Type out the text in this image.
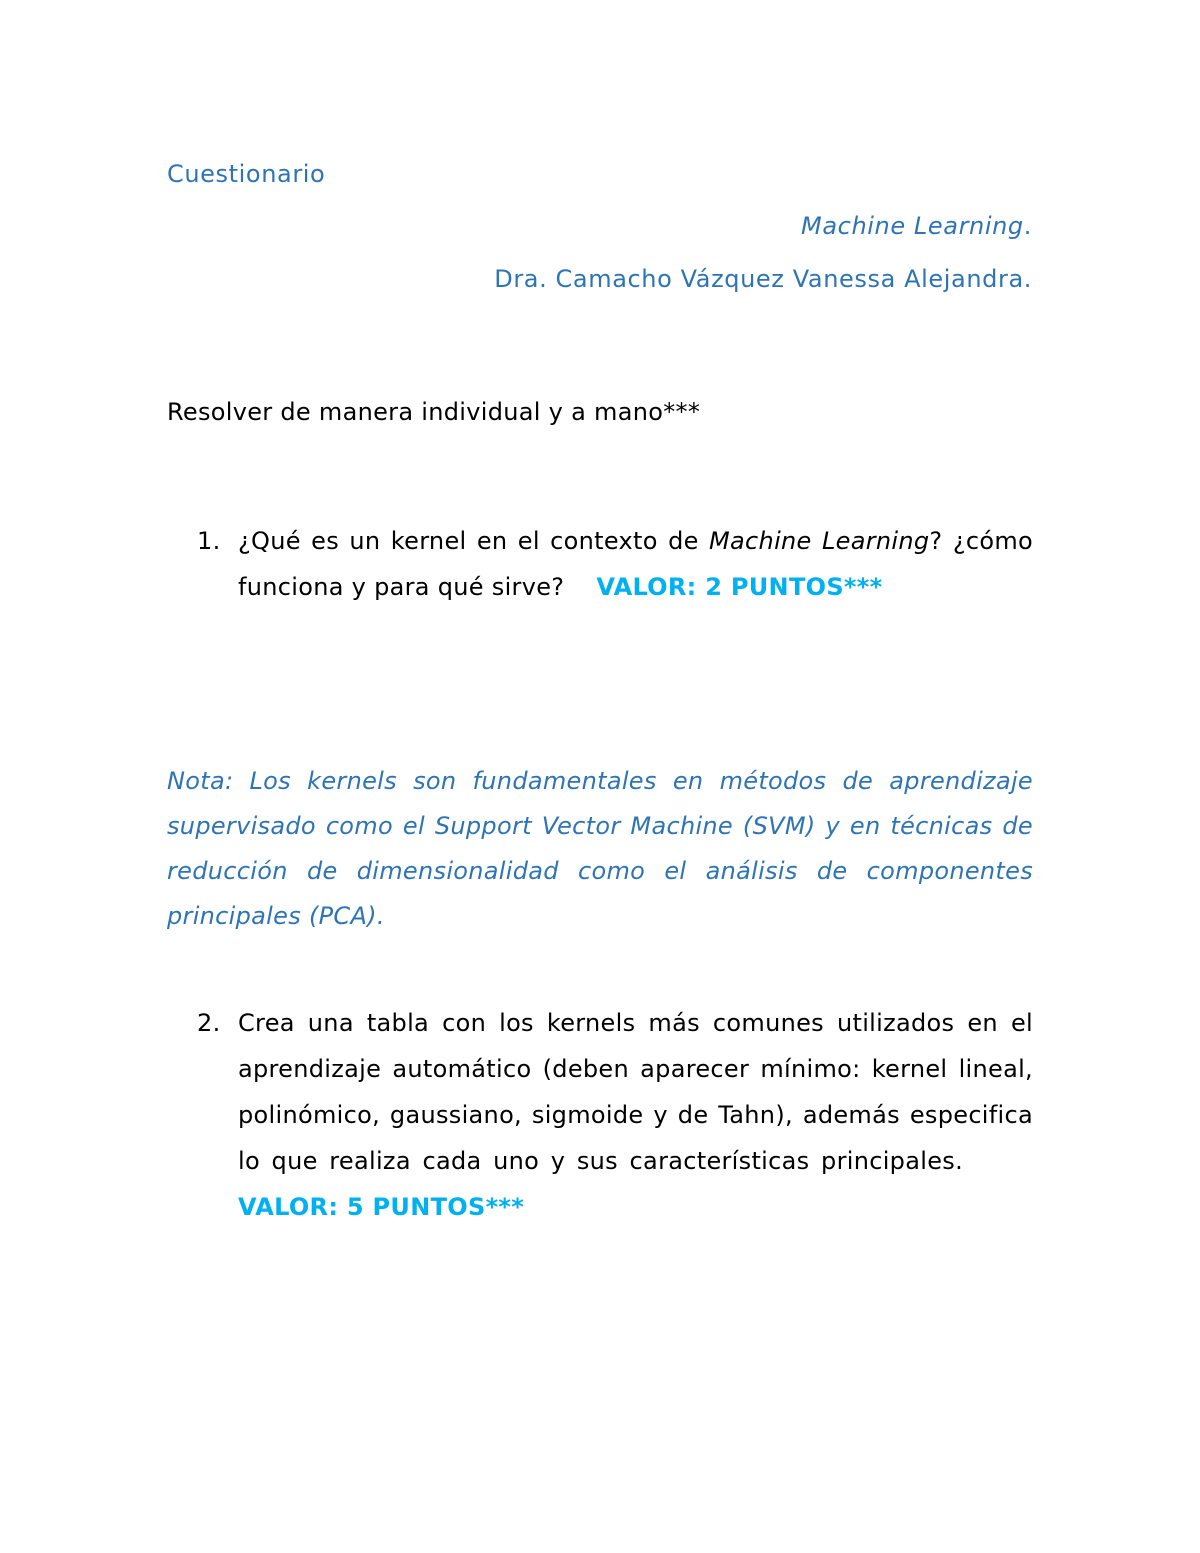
Cuestionario
Machine Learning.
Dra. Camacho Vázquez Vanessa Alejandra.
Resolver de manera individual y a mano***
1. ¿Qué es un kernel en el contexto de Machine Learning? ¿cómo funciona y para qué sirve? VALOR: 2 PUNTOS***
Nota: Los kernels son fundamentales en métodos de aprendizaje supervisado como el Support Vector Machine (SVM) y en técnicas de reducción de dimensionalidad como el análisis de componentes principales (PCA).
2. Crea una tabla con los kernels más comunes utilizados en el aprendizaje automático (deben aparecer mínimo: kernel lineal, polinómico, gaussiano, sigmoide y de Tahn), además especifica lo que realiza cada uno y sus características principales.VALOR: 5 PUNTOS***
